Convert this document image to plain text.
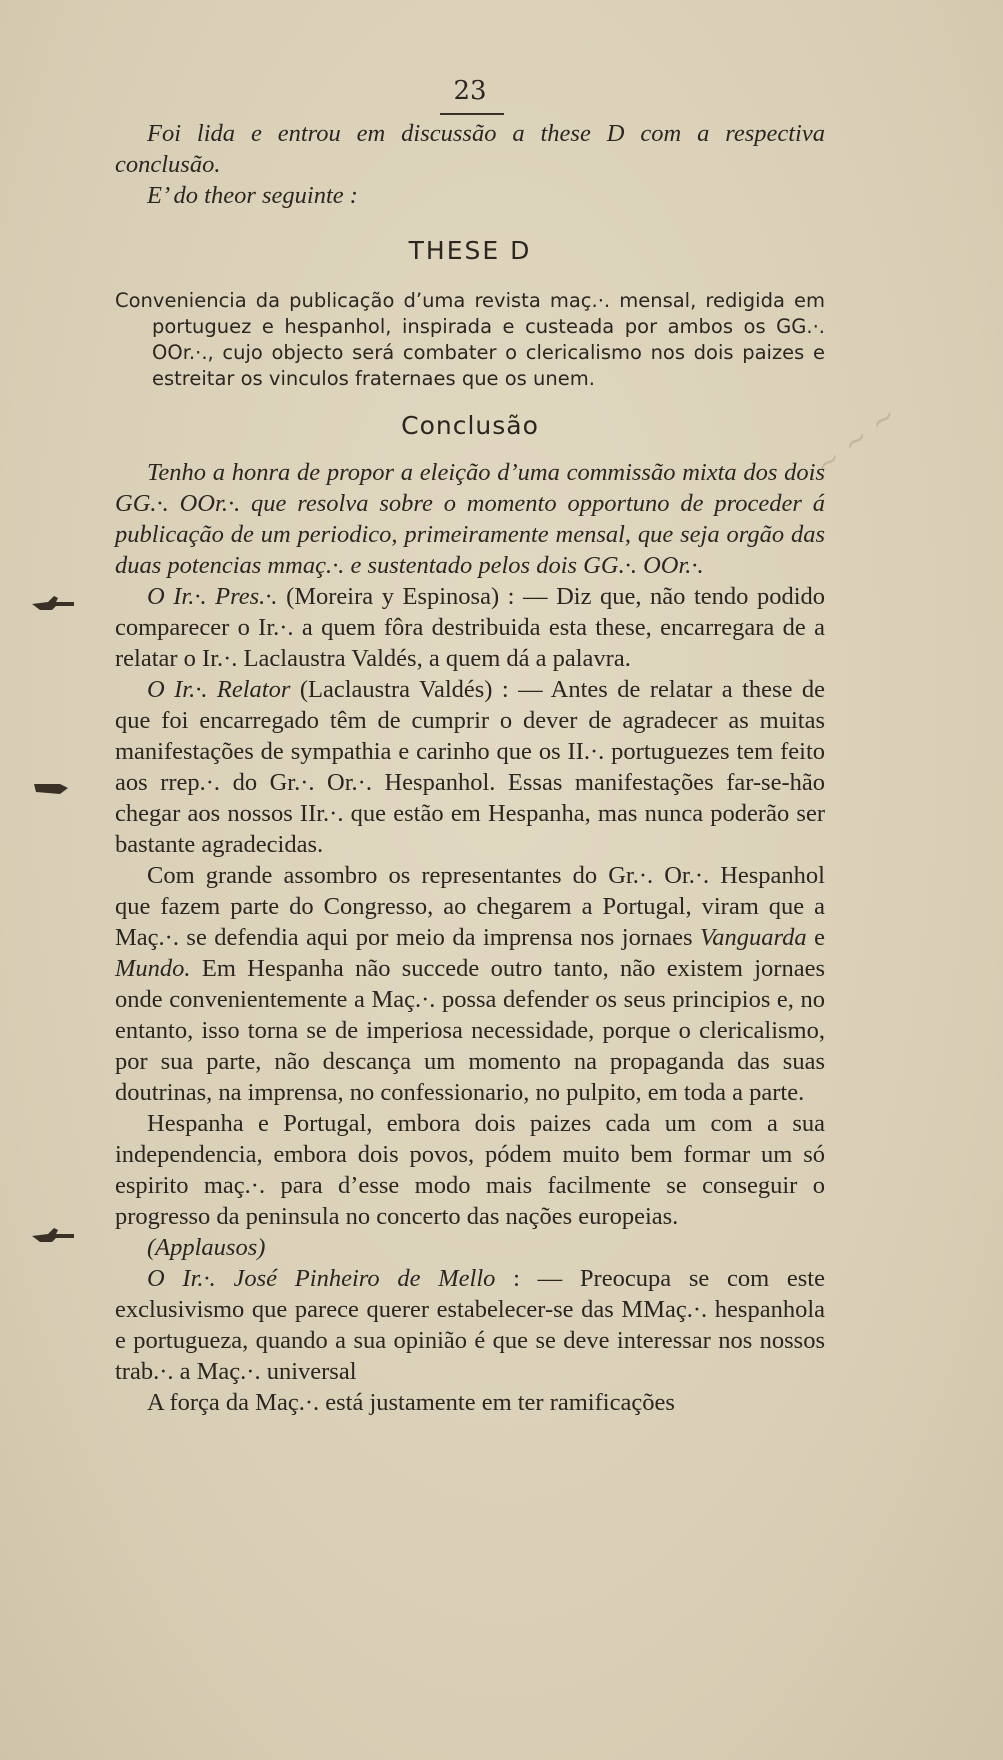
~ ~ ~
23

Foi lida e entrou em discussão a these D com a respectiva conclusão.

E’ do theor seguinte :

THESE D

Conveniencia da publicação d’uma revista maç.·. mensal, redigida em portuguez e hespanhol, inspirada e custeada por ambos os GG.·. OOr.·., cujo objecto será combater o clericalismo nos dois paizes e estreitar os vinculos fraternaes que os unem.

Conclusão

Tenho a honra de propor a eleição d’uma commissão mixta dos dois GG.·. OOr.·. que resolva sobre o momento opportuno de proceder á publicação de um periodico, primeiramente mensal, que seja orgão das duas potencias mmaç.·. e sustentado pelos dois GG.·. OOr.·.

O Ir.·. Pres.·. (Moreira y Espinosa) : — Diz que, não tendo podido comparecer o Ir.·. a quem fôra destribuida esta these, encarregara de a relatar o Ir.·. Laclaustra Valdés, a quem dá a palavra.

O Ir.·. Relator (Laclaustra Valdés) : — Antes de relatar a these de que foi encarregado têm de cumprir o dever de agradecer as muitas manifestações de sympathia e carinho que os II.·. portuguezes tem feito aos rrep.·. do Gr.·. Or.·. Hespanhol. Essas manifestações far-se-hão chegar aos nossos IIr.·. que estão em Hespanha, mas nunca poderão ser bastante agradecidas.

Com grande assombro os representantes do Gr.·. Or.·. Hespanhol que fazem parte do Congresso, ao chegarem a Portugal, viram que a Maç.·. se defendia aqui por meio da imprensa nos jornaes Vanguarda e Mundo. Em Hespanha não succede outro tanto, não existem jornaes onde convenientemente a Maç.·. possa defender os seus principios e, no entanto, isso torna se de imperiosa necessidade, porque o clericalismo, por sua parte, não descança um momento na propaganda das suas doutrinas, na imprensa, no confessionario, no pulpito, em toda a parte.

Hespanha e Portugal, embora dois paizes cada um com a sua independencia, embora dois povos, pódem muito bem formar um só espirito maç.·. para d’esse modo mais facilmente se conseguir o progresso da peninsula no concerto das nações europeias.

(Applausos)

O Ir.·. José Pinheiro de Mello : — Preocupa se com este exclusivismo que parece querer estabelecer-se das MMaç.·. hespanhola e portugueza, quando a sua opinião é que se deve interessar nos nossos trab.·. a Maç.·. universal

A força da Maç.·. está justamente em ter ramificações
